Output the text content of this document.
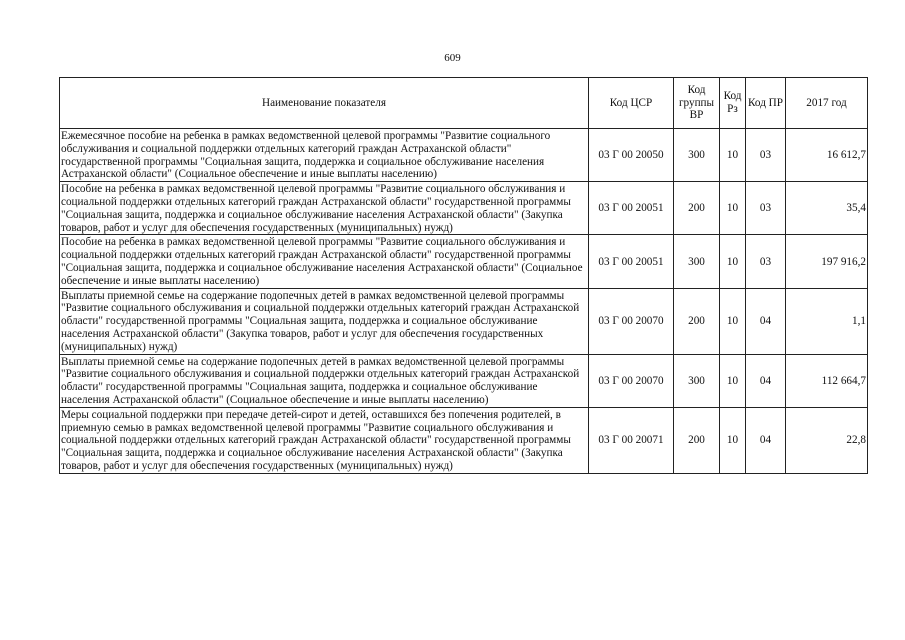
609
Наименование показателя	Код ЦСР	Код группы ВР	Код Рз	Код ПР	2017 год
Ежемесячное пособие на ребенка в рамках ведомственной целевой программы "Развитие социального обслуживания и социальной поддержки отдельных категорий граждан Астраханской области" государственной программы "Социальная защита, поддержка и социальное обслуживание населения Астраханской области" (Социальное обеспечение и иные выплаты населению)	03 Г 00 20050	300	10	03	16 612,7
Пособие на ребенка в рамках ведомственной целевой программы "Развитие социального обслуживания и социальной поддержки отдельных категорий граждан Астраханской области" государственной программы "Социальная защита, поддержка и социальное обслуживание населения Астраханской области" (Закупка товаров, работ и услуг для обеспечения государственных (муниципальных) нужд)	03 Г 00 20051	200	10	03	35,4
Пособие на ребенка в рамках ведомственной целевой программы "Развитие социального обслуживания и социальной поддержки отдельных категорий граждан Астраханской области" государственной программы "Социальная защита, поддержка и социальное обслуживание населения Астраханской области" (Социальное обеспечение и иные выплаты населению)	03 Г 00 20051	300	10	03	197 916,2
Выплаты приемной семье на содержание подопечных детей в рамках ведомственной целевой программы "Развитие социального обслуживания и социальной поддержки отдельных категорий граждан Астраханской области" государственной программы "Социальная защита, поддержка и социальное обслуживание населения Астраханской области" (Закупка товаров, работ и услуг для обеспечения государственных (муниципальных) нужд)	03 Г 00 20070	200	10	04	1,1
Выплаты приемной семье на содержание подопечных детей в рамках ведомственной целевой программы "Развитие социального обслуживания и социальной поддержки отдельных категорий граждан Астраханской области" государственной программы "Социальная защита, поддержка и социальное обслуживание населения Астраханской области" (Социальное обеспечение и иные выплаты населению)	03 Г 00 20070	300	10	04	112 664,7
Меры социальной поддержки при передаче детей-сирот и детей, оставшихся без попечения родителей, в приемную семью в рамках ведомственной целевой программы "Развитие социального обслуживания и социальной поддержки отдельных категорий граждан Астраханской области" государственной программы "Социальная защита, поддержка и социальное обслуживание населения Астраханской области" (Закупка товаров, работ и услуг для обеспечения государственных (муниципальных) нужд)	03 Г 00 20071	200	10	04	22,8
